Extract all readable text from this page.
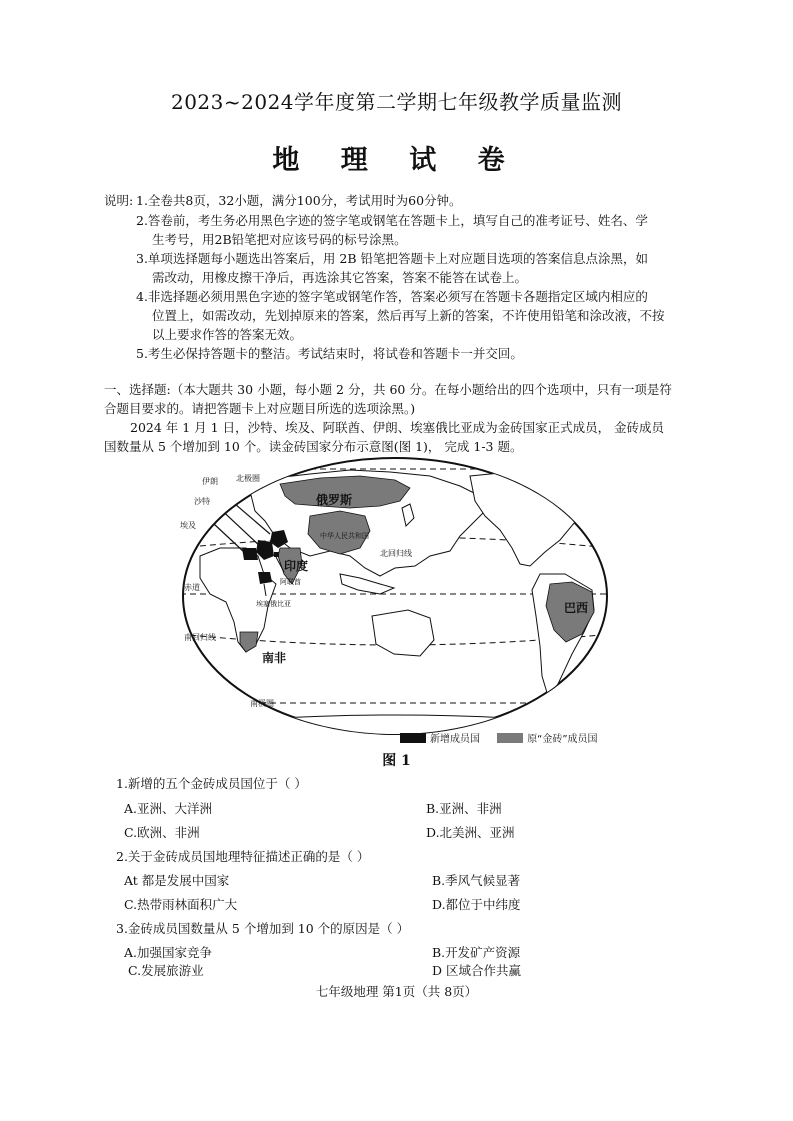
2023~2024学年度第二学期七年级教学质量监测
地 理 试 卷
说明: 1.全卷共8页，32小题，满分100分，考试用时为60分钟。
2.答卷前，考生务必用黑色字迹的签字笔或钢笔在答题卡上，填写自己的准考证号、姓名、学
生考号，用2B铅笔把对应该号码的标号涂黑。
3.单项选择题每小题选出答案后，用 2B 铅笔把答题卡上对应题目选项的答案信息点涂黑，如
需改动，用橡皮擦干净后，再选涂其它答案，答案不能答在试卷上。
4.非选择题必须用黑色字迹的签字笔或钢笔作答，答案必须写在答题卡各题指定区域内相应的
位置上，如需改动，先划掉原来的答案，然后再写上新的答案，不许使用铅笔和涂改液，不按
以上要求作答的答案无效。
5.考生必保持答题卡的整洁。考试结束时，将试卷和答题卡一并交回。
一、选择题:（本大题共 30 小题，每小题 2 分，共 60 分。在每小题给出的四个选项中，只有一项是符
合题目要求的。请把答题卡上对应题目所选的选项涂黑。)
2024 年 1 月 1 日，沙特、埃及、阿联酋、伊朗、埃塞俄比亚成为金砖国家正式成员， 金砖成员
国数量从 5 个增加到 10 个。读金砖国家分布示意图(图 1)， 完成 1-3 题。
北极圈
伊朗
沙特
埃及
俄罗斯
中华人民共和国
北回归线
印度
阿联酋
赤道
埃塞俄比亚	巴西
南回归线
南非
南极圈
新增成员国	原“金砖”成员国
图 1
1.新增的五个金砖成员国位于（ ）
A.亚洲、大洋洲	B.亚洲、非洲
C.欧洲、非洲	D.北美洲、亚洲
2.关于金砖成员国地理特征描述正确的是（ ）
At 都是发展中国家	B.季风气候显著
C.热带雨林面积广大	D.都位于中纬度
3.金砖成员国数量从 5 个增加到 10 个的原因是（ ）
A.加强国家竞争	B.开发矿产资源
C.发展旅游业	D 区域合作共赢
七年级地理 第1页（共 8页）
